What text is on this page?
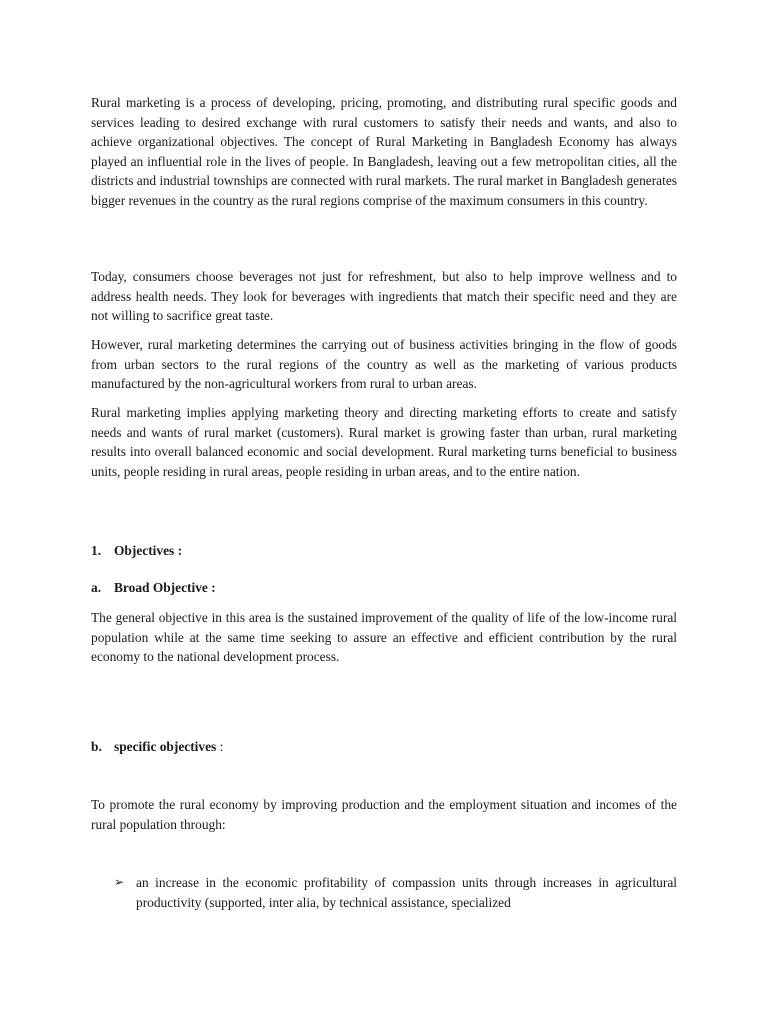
Rural marketing is a process of developing, pricing, promoting, and distributing rural specific goods and services leading to desired exchange with rural customers to satisfy their needs and wants, and also to achieve organizational objectives. The concept of Rural Marketing in Bangladesh Economy has always played an influential role in the lives of people. In Bangladesh, leaving out a few metropolitan cities, all the districts and industrial townships are connected with rural markets. The rural market in Bangladesh generates bigger revenues in the country as the rural regions comprise of the maximum consumers in this country.

Today, consumers choose beverages not just for refreshment, but also to help improve wellness and to address health needs. They look for beverages with ingredients that match their specific need and they are not willing to sacrifice great taste.

However, rural marketing determines the carrying out of business activities bringing in the flow of goods from urban sectors to the rural regions of the country as well as the marketing of various products manufactured by the non-agricultural workers from rural to urban areas.

Rural marketing implies applying marketing theory and directing marketing efforts to create and satisfy needs and wants of rural market (customers). Rural market is growing faster than urban, rural marketing results into overall balanced economic and social development. Rural marketing turns beneficial to business units, people residing in rural areas, people residing in urban areas, and to the entire nation.

1. Objectives :
a. Broad Objective :

The general objective in this area is the sustained improvement of the quality of life of the low-income rural population while at the same time seeking to assure an effective and efficient contribution by the rural economy to the national development process.

b. specific objectives :

To promote the rural economy by improving production and the employment situation and incomes of the rural population through:

➢ an increase in the economic profitability of compassion units through increases in agricultural productivity (supported, inter alia, by technical assistance, specialized
